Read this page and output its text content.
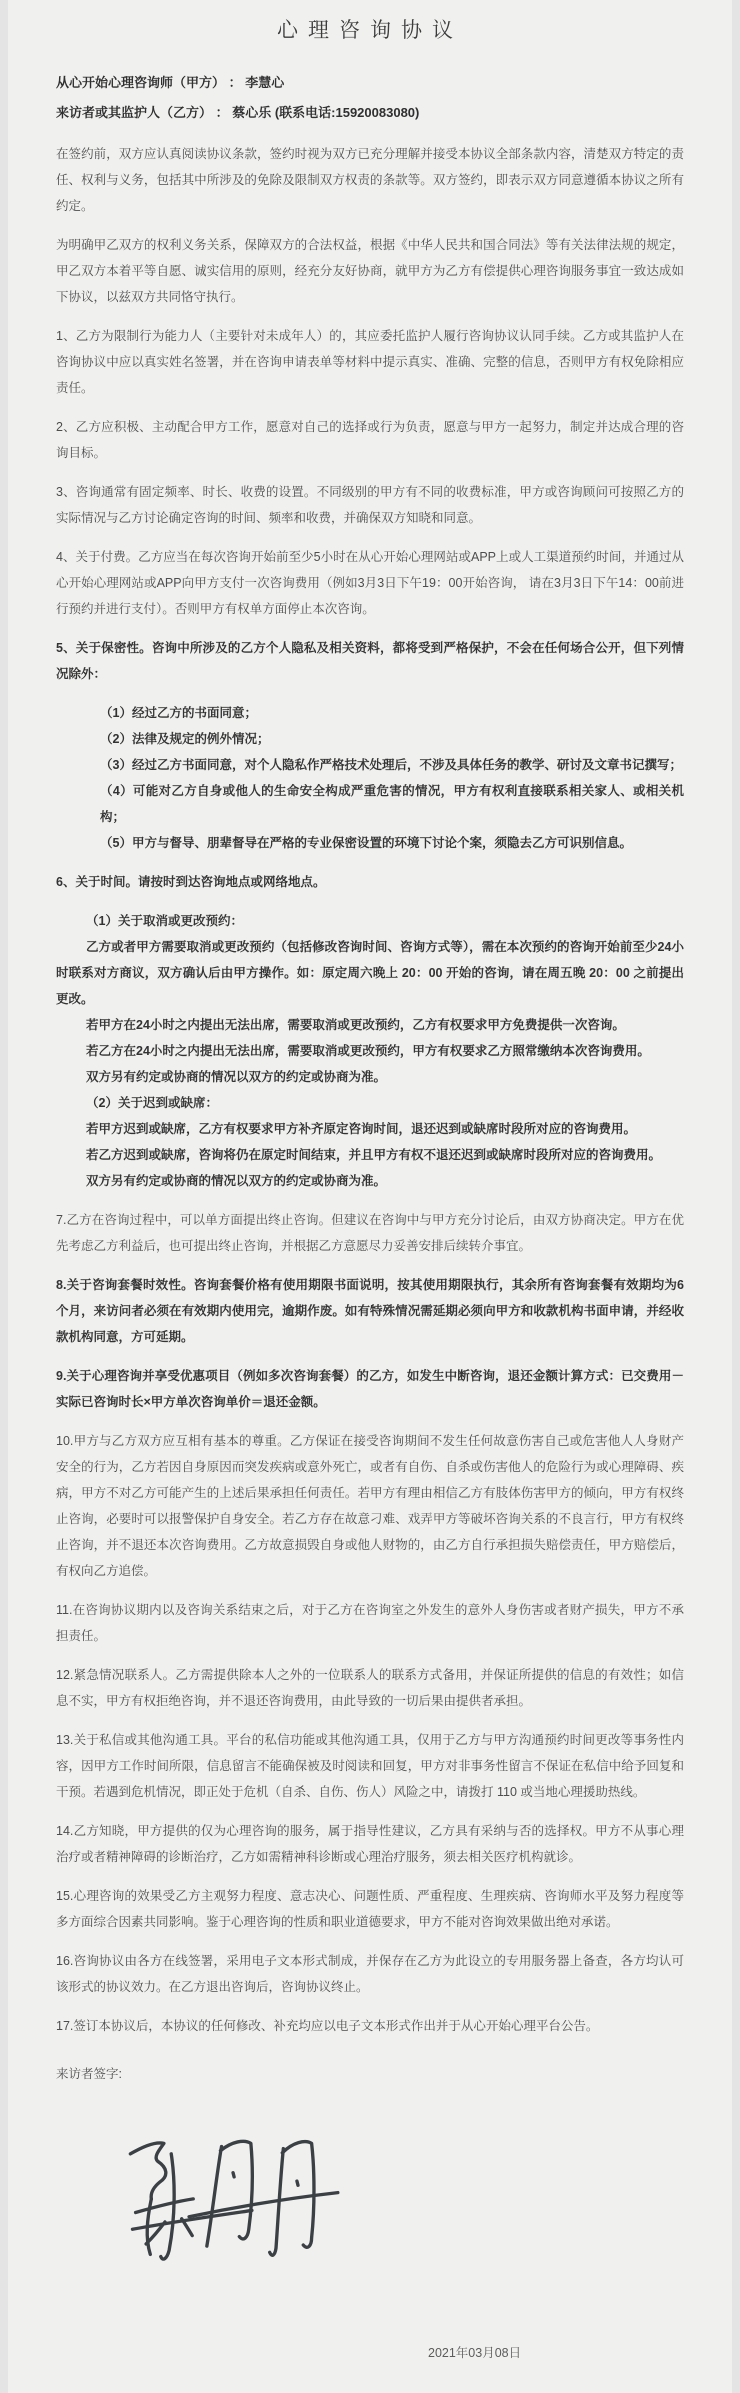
心理咨询协议

从心开始心理咨询师（甲方） ： 李慧心

来访者或其监护人（乙方） ： 蔡心乐 (联系电话:15920083080)

在签约前，双方应认真阅读协议条款，签约时视为双方已充分理解并接受本协议全部条款内容，清楚双方特定的责任、权利与义务，包括其中所涉及的免除及限制双方权责的条款等。双方签约，即表示双方同意遵循本协议之所有约定。

为明确甲乙双方的权利义务关系，保障双方的合法权益，根据《中华人民共和国合同法》等有关法律法规的规定，甲乙双方本着平等自愿、诚实信用的原则，经充分友好协商，就甲方为乙方有偿提供心理咨询服务事宜一致达成如下协议，以兹双方共同恪守执行。

1、乙方为限制行为能力人（主要针对未成年人）的，其应委托监护人履行咨询协议认同手续。乙方或其监护人在咨询协议中应以真实姓名签署，并在咨询申请表单等材料中提示真实、准确、完整的信息，否则甲方有权免除相应责任。

2、乙方应积极、主动配合甲方工作，愿意对自己的选择或行为负责，愿意与甲方一起努力，制定并达成合理的咨询目标。

3、咨询通常有固定频率、时长、收费的设置。不同级别的甲方有不同的收费标准，甲方或咨询顾问可按照乙方的实际情况与乙方讨论确定咨询的时间、频率和收费，并确保双方知晓和同意。

4、关于付费。乙方应当在每次咨询开始前至少5小时在从心开始心理网站或APP上或人工渠道预约时间，并通过从心开始心理网站或APP向甲方支付一次咨询费用（例如3月3日下午19：00开始咨询， 请在3月3日下午14：00前进行预约并进行支付）。否则甲方有权单方面停止本次咨询。

5、关于保密性。咨询中所涉及的乙方个人隐私及相关资料，都将受到严格保护，不会在任何场合公开，但下列情况除外：

（1）经过乙方的书面同意；

（2）法律及规定的例外情况；

（3）经过乙方书面同意，对个人隐私作严格技术处理后，不涉及具体任务的教学、研讨及文章书记撰写；

（4）可能对乙方自身或他人的生命安全构成严重危害的情况，甲方有权利直接联系相关家人、或相关机构；

（5）甲方与督导、朋辈督导在严格的专业保密设置的环境下讨论个案，须隐去乙方可识别信息。

6、关于时间。请按时到达咨询地点或网络地点。

（1）关于取消或更改预约：

乙方或者甲方需要取消或更改预约（包括修改咨询时间、咨询方式等），需在本次预约的咨询开始前至少24小时联系对方商议，双方确认后由甲方操作。如：原定周六晚上 20：00 开始的咨询，请在周五晚 20：00 之前提出更改。

若甲方在24小时之内提出无法出席，需要取消或更改预约，乙方有权要求甲方免费提供一次咨询。

若乙方在24小时之内提出无法出席，需要取消或更改预约，甲方有权要求乙方照常缴纳本次咨询费用。

双方另有约定或协商的情况以双方的约定或协商为准。

（2）关于迟到或缺席：

若甲方迟到或缺席，乙方有权要求甲方补齐原定咨询时间，退还迟到或缺席时段所对应的咨询费用。

若乙方迟到或缺席，咨询将仍在原定时间结束，并且甲方有权不退还迟到或缺席时段所对应的咨询费用。

双方另有约定或协商的情况以双方的约定或协商为准。

7.乙方在咨询过程中，可以单方面提出终止咨询。但建议在咨询中与甲方充分讨论后，由双方协商决定。甲方在优先考虑乙方利益后，也可提出终止咨询，并根据乙方意愿尽力妥善安排后续转介事宜。

8.关于咨询套餐时效性。咨询套餐价格有使用期限书面说明，按其使用期限执行，其余所有咨询套餐有效期均为6个月，来访问者必须在有效期内使用完，逾期作废。如有特殊情况需延期必须向甲方和收款机构书面申请，并经收款机构同意，方可延期。

9.关于心理咨询并享受优惠项目（例如多次咨询套餐）的乙方，如发生中断咨询，退还金额计算方式：已交费用－实际已咨询时长×甲方单次咨询单价＝退还金额。

10.甲方与乙方双方应互相有基本的尊重。乙方保证在接受咨询期间不发生任何故意伤害自己或危害他人人身财产安全的行为，乙方若因自身原因而突发疾病或意外死亡，或者有自伤、自杀或伤害他人的危险行为或心理障碍、疾病，甲方不对乙方可能产生的上述后果承担任何责任。若甲方有理由相信乙方有肢体伤害甲方的倾向，甲方有权终止咨询，必要时可以报警保护自身安全。若乙方存在故意刁难、戏弄甲方等破坏咨询关系的不良言行，甲方有权终止咨询，并不退还本次咨询费用。乙方故意损毁自身或他人财物的，由乙方自行承担损失赔偿责任，甲方赔偿后，有权向乙方追偿。

11.在咨询协议期内以及咨询关系结束之后，对于乙方在咨询室之外发生的意外人身伤害或者财产损失，甲方不承担责任。

12.紧急情况联系人。乙方需提供除本人之外的一位联系人的联系方式备用，并保证所提供的信息的有效性；如信息不实，甲方有权拒绝咨询，并不退还咨询费用，由此导致的一切后果由提供者承担。

13.关于私信或其他沟通工具。平台的私信功能或其他沟通工具，仅用于乙方与甲方沟通预约时间更改等事务性内容，因甲方工作时间所限，信息留言不能确保被及时阅读和回复，甲方对非事务性留言不保证在私信中给予回复和干预。若遇到危机情况，即正处于危机（自杀、自伤、伤人）风险之中，请拨打 110 或当地心理援助热线。

14.乙方知晓，甲方提供的仅为心理咨询的服务，属于指导性建议，乙方具有采纳与否的选择权。甲方不从事心理治疗或者精神障碍的诊断治疗，乙方如需精神科诊断或心理治疗服务，须去相关医疗机构就诊。

15.心理咨询的效果受乙方主观努力程度、意志决心、问题性质、严重程度、生理疾病、咨询师水平及努力程度等多方面综合因素共同影响。鉴于心理咨询的性质和职业道德要求，甲方不能对咨询效果做出绝对承诺。

16.咨询协议由各方在线签署，采用电子文本形式制成，并保存在乙方为此设立的专用服务器上备查，各方均认可该形式的协议效力。在乙方退出咨询后，咨询协议终止。

17.签订本协议后，本协议的任何修改、补充均应以电子文本形式作出并于从心开始心理平台公告。

来访者签字:

2021年03月08日
